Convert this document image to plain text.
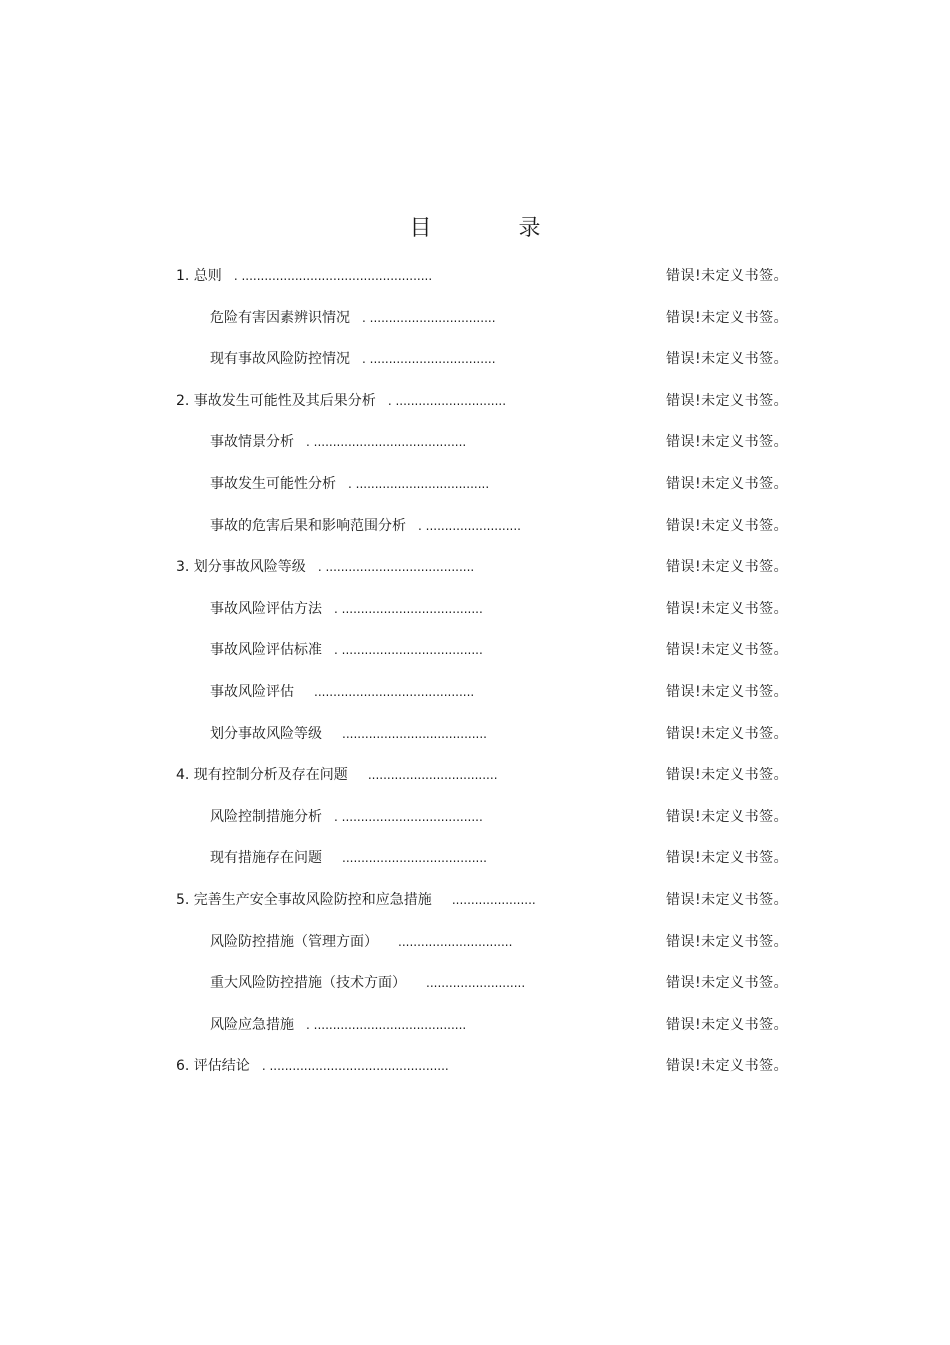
目 录
1. 总则 . ..................................................	错误!未定义书签。
危险有害因素辨识情况 . .................................	错误!未定义书签。
现有事故风险防控情况 . .................................	错误!未定义书签。
2. 事故发生可能性及其后果分析 . .............................	错误!未定义书签。
事故情景分析 . ........................................	错误!未定义书签。
事故发生可能性分析 . ...................................	错误!未定义书签。
事故的危害后果和影响范围分析 . .........................	错误!未定义书签。
3. 划分事故风险等级 . .......................................	错误!未定义书签。
事故风险评估方法 . .....................................	错误!未定义书签。
事故风险评估标准 . .....................................	错误!未定义书签。
事故风险评估 ..........................................	错误!未定义书签。
划分事故风险等级 ......................................	错误!未定义书签。
4. 现有控制分析及存在问题 ..................................	错误!未定义书签。
风险控制措施分析 . .....................................	错误!未定义书签。
现有措施存在问题 ......................................	错误!未定义书签。
5. 完善生产安全事故风险防控和应急措施 ......................	错误!未定义书签。
风险防控措施（管理方面） ..............................	错误!未定义书签。
重大风险防控措施（技术方面） ..........................	错误!未定义书签。
风险应急措施 . ........................................	错误!未定义书签。
6. 评估结论 . ...............................................	错误!未定义书签。
